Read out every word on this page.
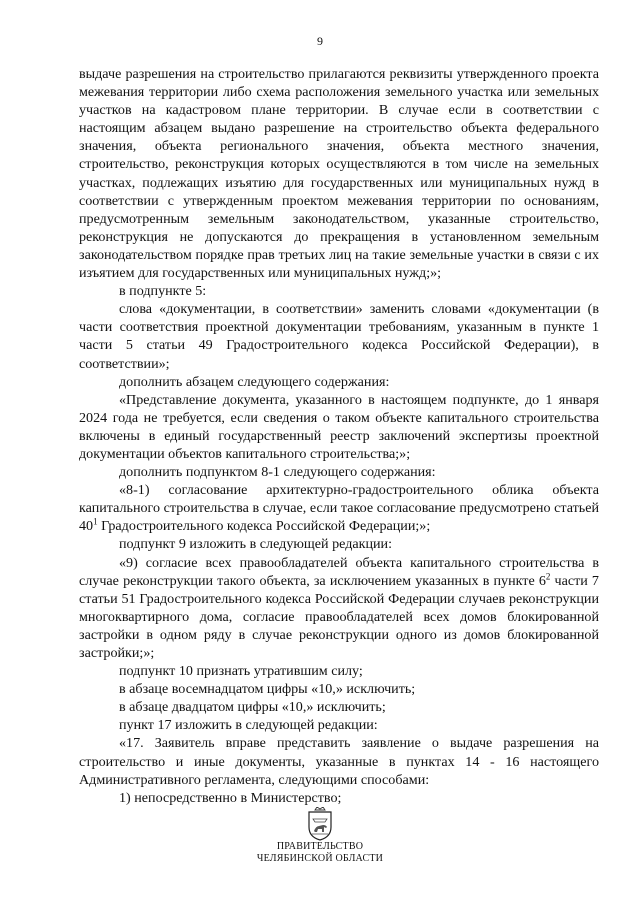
9

выдаче разрешения на строительство прилагаются реквизиты утвержденного проекта межевания территории либо схема расположения земельного участка или земельных участков на кадастровом плане территории. В случае если в соответствии с настоящим абзацем выдано разрешение на строительство объекта федерального значения, объекта регионального значения, объекта местного значения, строительство, реконструкция которых осуществляются в том числе на земельных участках, подлежащих изъятию для государственных или муниципальных нужд в соответствии с утвержденным проектом межевания территории по основаниям, предусмотренным земельным законодательством, указанные строительство, реконструкция не допускаются до прекращения в установленном земельным законодательством порядке прав третьих лиц на такие земельные участки в связи с их изъятием для государственных или муниципальных нужд;»;

в подпункте 5:

слова «документации, в соответствии» заменить словами «документации (в части соответствия проектной документации требованиям, указанным в пункте 1 части 5 статьи 49 Градостроительного кодекса Российской Федерации), в соответствии»;

дополнить абзацем следующего содержания:

«Представление документа, указанного в настоящем подпункте, до 1 января 2024 года не требуется, если сведения о таком объекте капитального строительства включены в единый государственный реестр заключений экспертизы проектной документации объектов капитального строительства;»;

дополнить подпунктом 8-1 следующего содержания:

«8-1) согласование архитектурно-градостроительного облика объекта капитального строительства в случае, если такое согласование предусмотрено статьей $40^1$ Градостроительного кодекса Российской Федерации;»;

подпункт 9 изложить в следующей редакции:

«9) согласие всех правообладателей объекта капитального строительства в случае реконструкции такого объекта, за исключением указанных в пункте $6^2$ части 7 статьи 51 Градостроительного кодекса Российской Федерации случаев реконструкции многоквартирного дома, согласие правообладателей всех домов блокированной застройки в одном ряду в случае реконструкции одного из домов блокированной застройки;»;

подпункт 10 признать утратившим силу;

в абзаце восемнадцатом цифры «10,» исключить;

в абзаце двадцатом цифры «10,» исключить;

пункт 17 изложить в следующей редакции:

«17. Заявитель вправе представить заявление о выдаче разрешения на строительство и иные документы, указанные в пунктах 14 - 16 настоящего Административного регламента, следующими способами:

1) непосредственно в Министерство;

ПРАВИТЕЛЬСТВО
ЧЕЛЯБИНСКОЙ ОБЛАСТИ
